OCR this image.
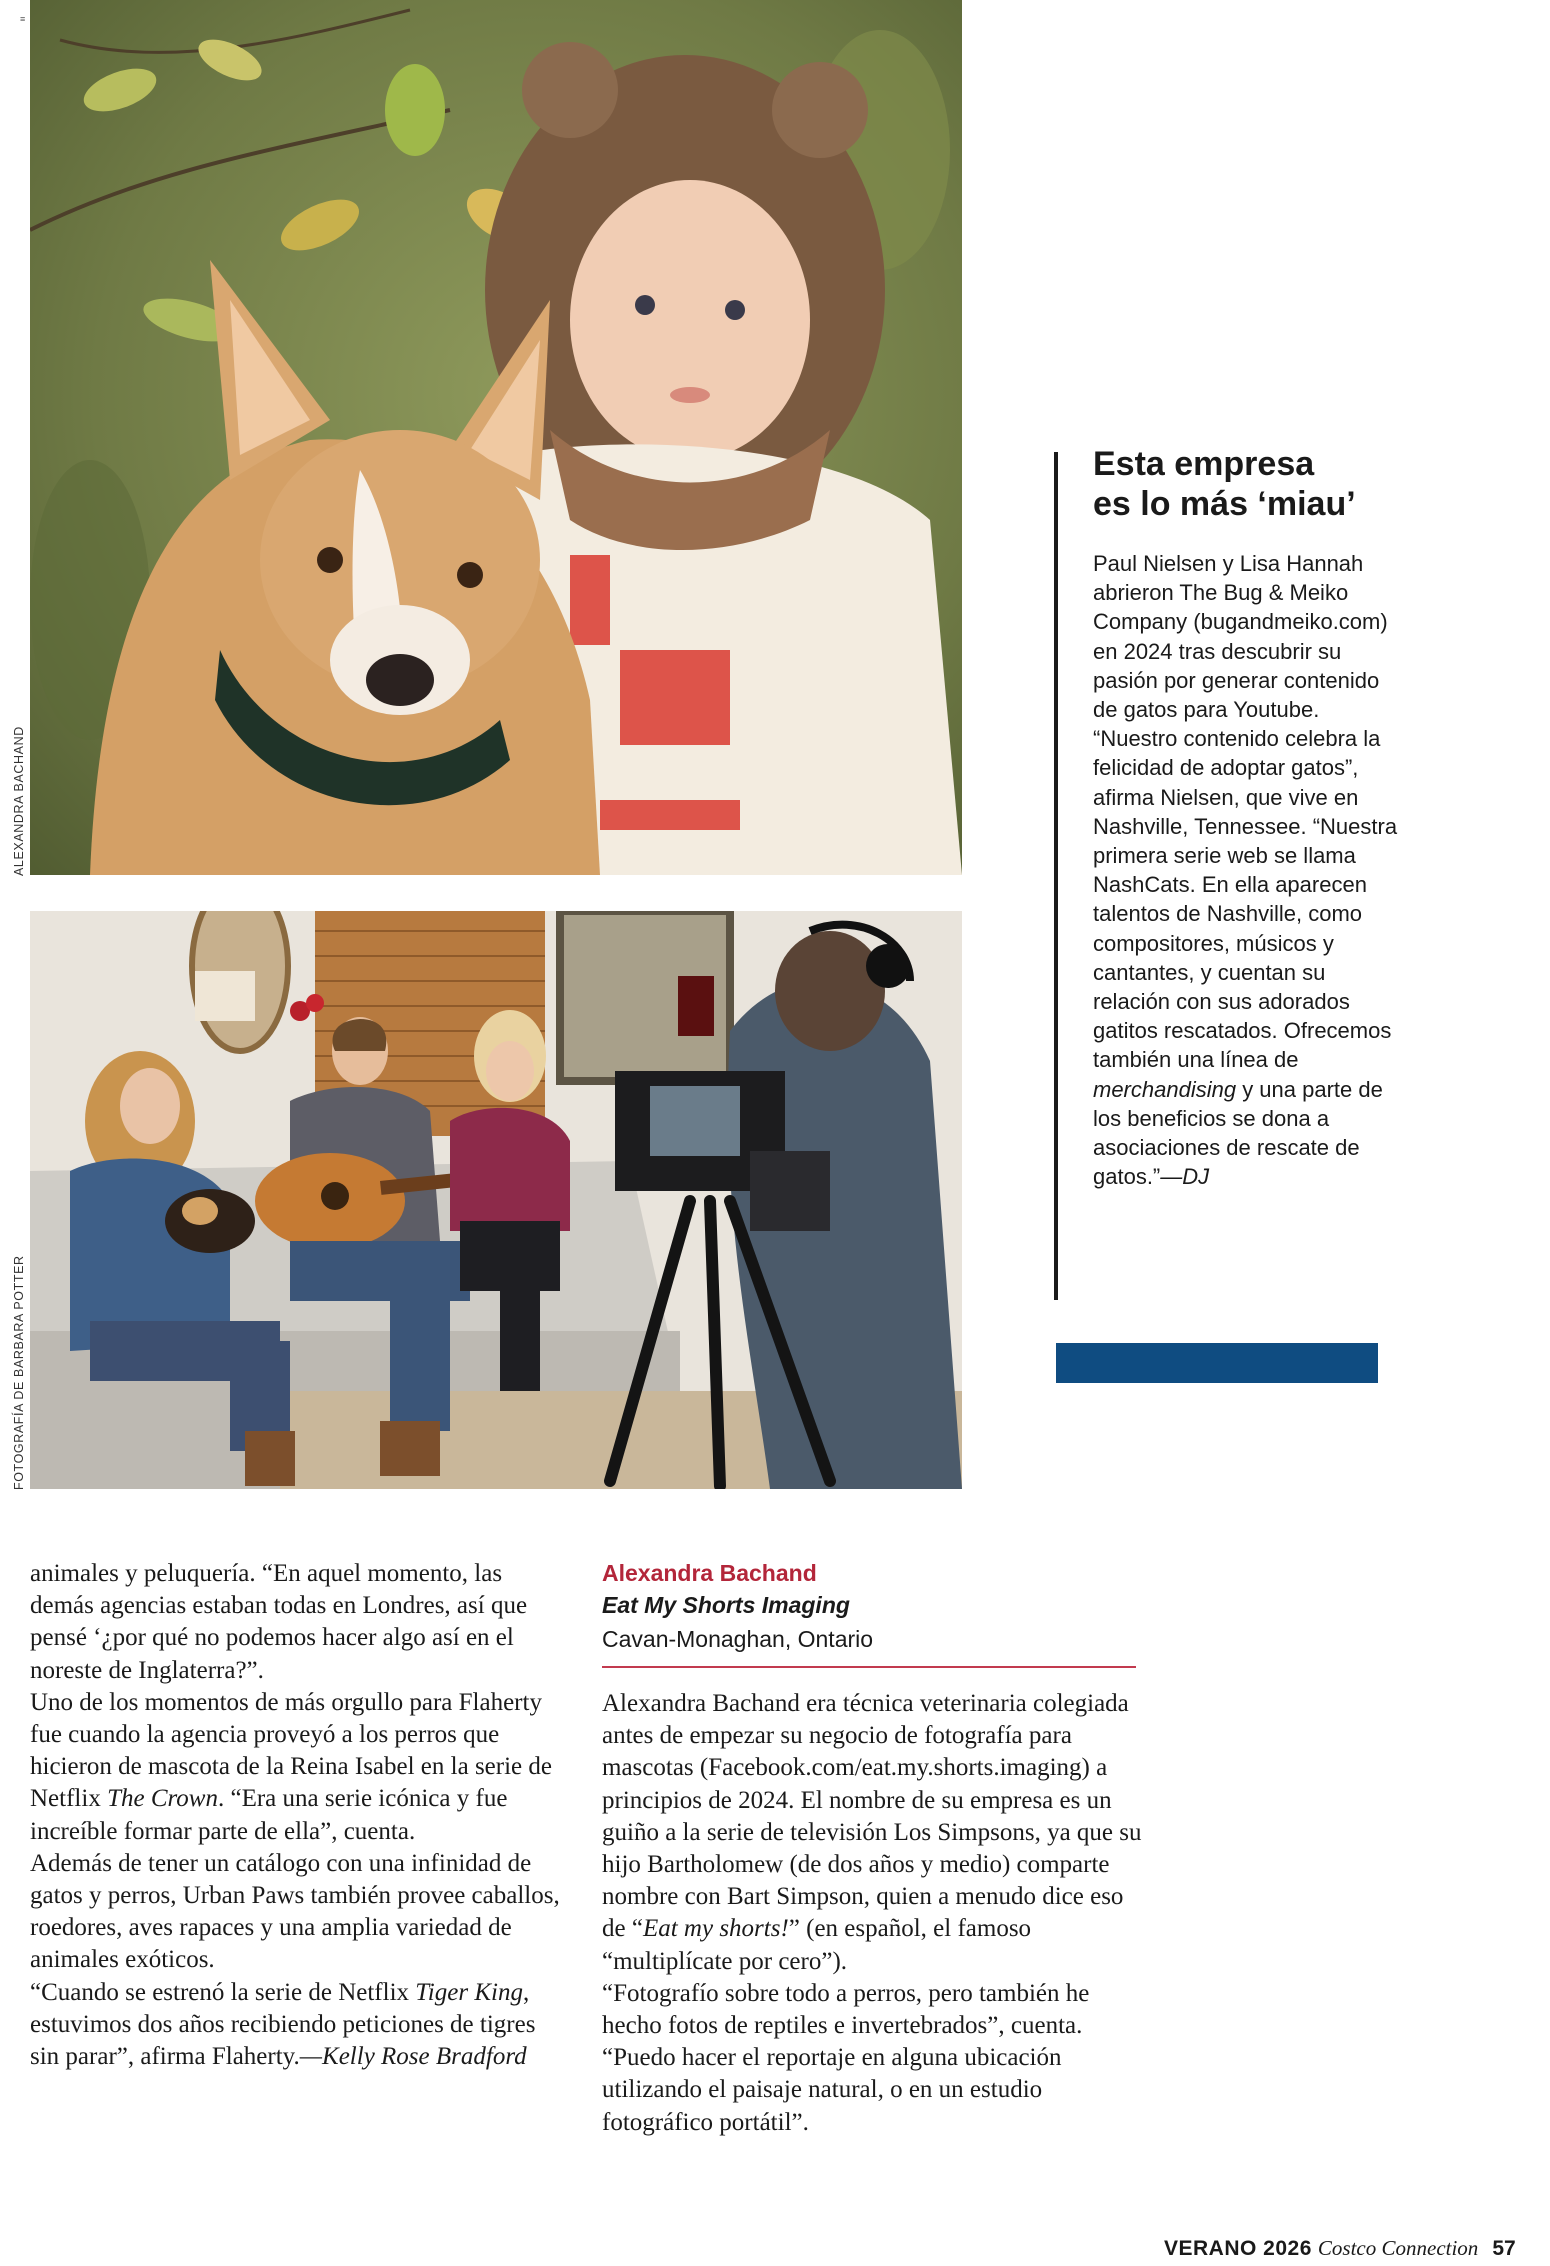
≡
ALEXANDRA BACHAND
FOTOGRAFÍA DE BARBARA POTTER
Esta empresa
es lo más ‘miau’
Paul Nielsen y Lisa Hannah abrieron The Bug & Meiko Company (bugandmeiko.com) en 2024 tras descubrir su pasión por generar contenido de gatos para Youtube. “Nuestro contenido celebra la felicidad de adoptar gatos”, afirma Nielsen, que vive en Nashville, Tennessee. “Nuestra primera serie web se llama NashCats. En ella aparecen talentos de Nashville, como compositores, músicos y cantantes, y cuentan su relación con sus adorados gatitos rescatados. Ofrecemos también una línea de merchandising y una parte de los beneficios se dona a asociaciones de rescate de gatos.”—DJ

animales y peluquería. “En aquel momento, las demás agencias estaban todas en Londres, así que pensé ‘¿por qué no podemos hacer algo así en el noreste de Inglaterra?”.

Uno de los momentos de más orgullo para Flaherty fue cuando la agencia proveyó a los perros que hicieron de mascota de la Reina Isabel en la serie de Netflix The Crown. “Era una serie icónica y fue increíble formar parte de ella”, cuenta.

Además de tener un catálogo con una infinidad de gatos y perros, Urban Paws también provee caballos, roedores, aves rapaces y una amplia variedad de animales exóticos.

“Cuando se estrenó la serie de Netflix Tiger King, estuvimos dos años recibiendo peticiones de tigres sin parar”, afirma Flaherty.—Kelly Rose Bradford

Alexandra Bachand
Eat My Shorts Imaging
Cavan-Monaghan, Ontario

Alexandra Bachand era técnica veterinaria colegiada antes de empezar su negocio de fotografía para mascotas (Facebook.com/eat.my.shorts.imaging) a principios de 2024. El nombre de su empresa es un guiño a la serie de televisión Los Simpsons, ya que su hijo Bartholomew (de dos años y medio) comparte nombre con Bart Simpson, quien a menudo dice eso de “Eat my shorts!” (en español, el famoso “multiplícate por cero”).

“Fotografío sobre todo a perros, pero también he hecho fotos de reptiles e invertebrados”, cuenta. “Puedo hacer el reportaje en alguna ubicación utilizando el paisaje natural, o en un estudio fotográfico portátil”.

VERANO 2026 Costco Connection 57
